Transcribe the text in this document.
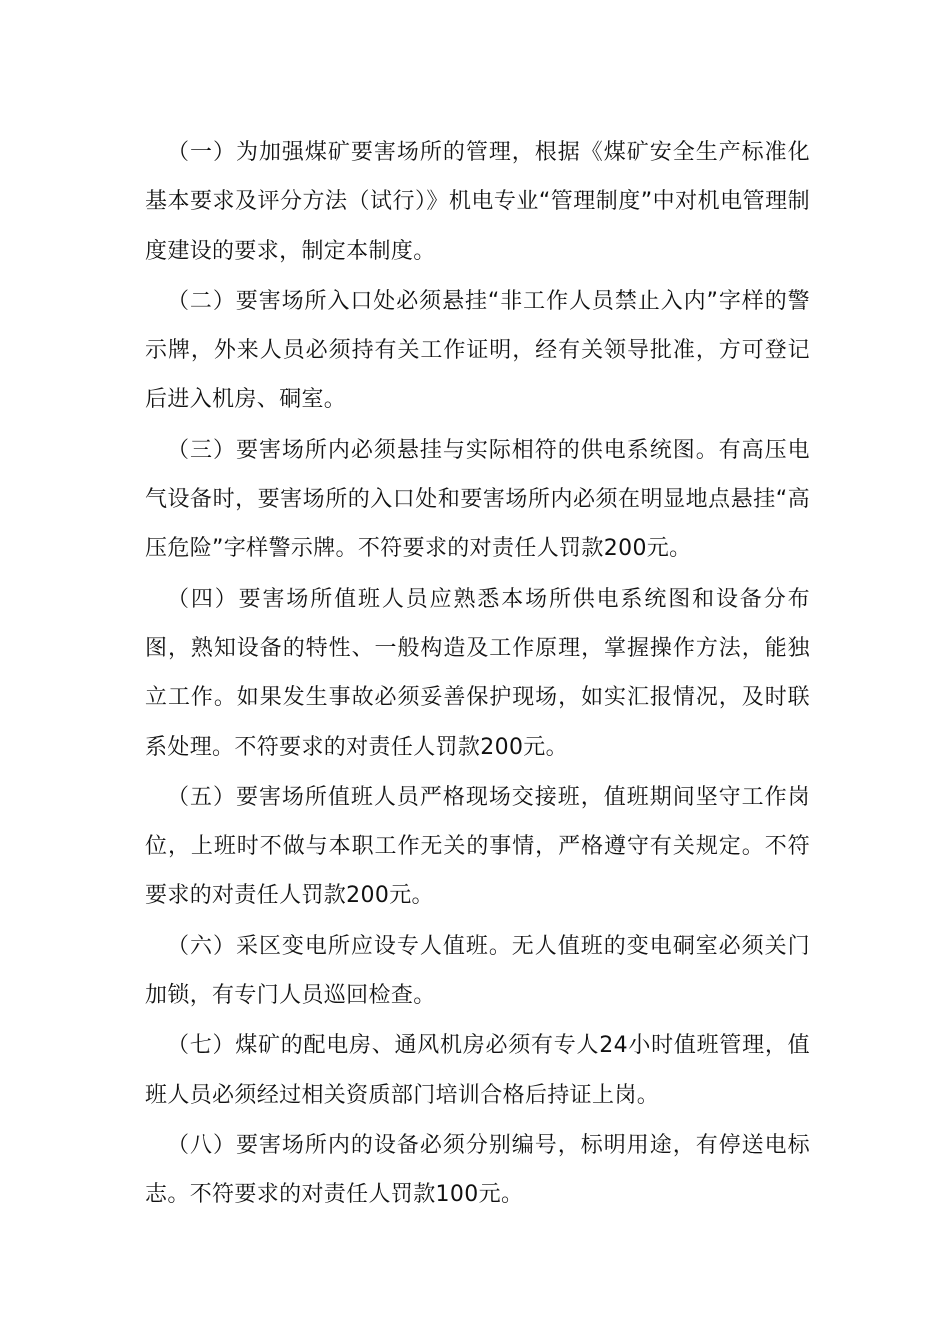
（一）为加强煤矿要害场所的管理，根据《煤矿安全生产标准化基本要求及评分方法（试行）》机电专业“管理制度”中对机电管理制度建设的要求，制定本制度。

（二）要害场所入口处必须悬挂“非工作人员禁止入内”字样的警示牌，外来人员必须持有关工作证明，经有关领导批准，方可登记后进入机房、硐室。

（三）要害场所内必须悬挂与实际相符的供电系统图。有高压电气设备时，要害场所的入口处和要害场所内必须在明显地点悬挂“高压危险”字样警示牌。不符要求的对责任人罚款200元。

（四）要害场所值班人员应熟悉本场所供电系统图和设备分布图，熟知设备的特性、一般构造及工作原理，掌握操作方法，能独立工作。如果发生事故必须妥善保护现场，如实汇报情况，及时联系处理。不符要求的对责任人罚款200元。

（五）要害场所值班人员严格现场交接班，值班期间坚守工作岗位，上班时不做与本职工作无关的事情，严格遵守有关规定。不符要求的对责任人罚款200元。

（六）采区变电所应设专人值班。无人值班的变电硐室必须关门加锁，有专门人员巡回检查。

（七）煤矿的配电房、通风机房必须有专人24小时值班管理，值班人员必须经过相关资质部门培训合格后持证上岗。

（八）要害场所内的设备必须分别编号，标明用途，有停送电标志。不符要求的对责任人罚款100元。
